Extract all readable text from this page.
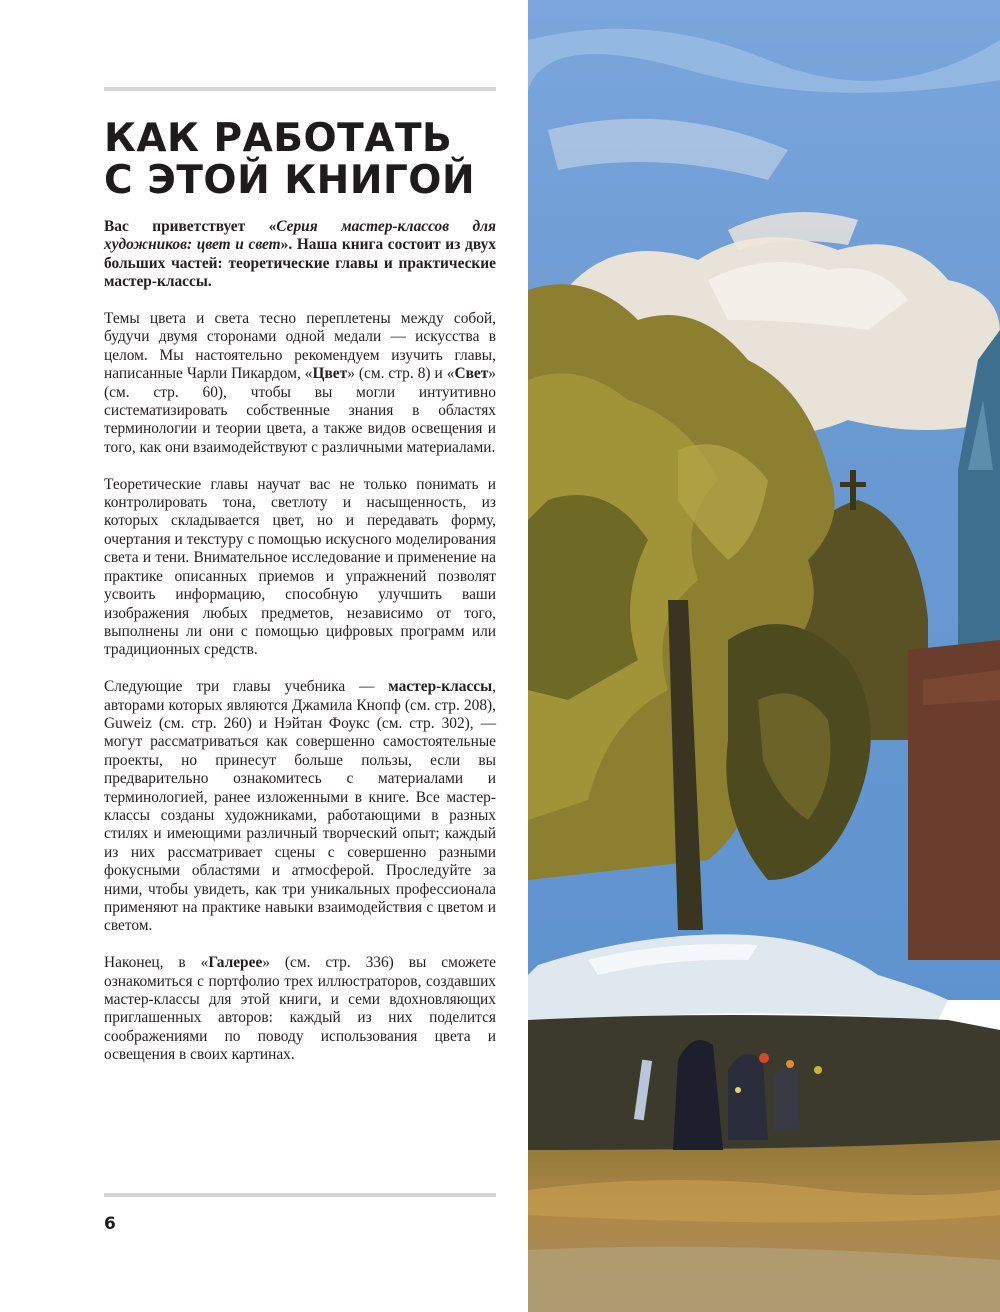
КАК РАБОТАТЬ
С ЭТОЙ КНИГОЙ

Вас приветствует «Серия мастер-классов для художников: цвет и свет». Наша книга состоит из двух больших частей: теоретические главы и практические мастер-классы.

Темы цвета и света тесно переплетены между собой, будучи двумя сторонами одной медали — искусства в целом. Мы настоятельно рекомендуем изучить главы, написанные Чарли Пикардом, «Цвет» (см. стр. 8) и «Свет» (см. стр. 60), чтобы вы могли интуитивно систематизировать собственные знания в областях терминологии и теории цвета, а также видов освещения и того, как они взаимодействуют с различными материалами.

Теоретические главы научат вас не только понимать и контролировать тона, светлоту и насыщенность, из которых складывается цвет, но и передавать форму, очертания и текстуру с помощью искусного моделирования света и тени. Внимательное исследование и применение на практике описанных приемов и упражнений позволят усвоить информацию, способную улучшить ваши изображения любых предметов, независимо от того, выполнены ли они с помощью цифровых программ или традиционных средств.

Следующие три главы учебника — мастер-классы, авторами которых являются Джамила Кнопф (см. стр. 208), Guweiz (см. стр. 260) и Нэйтан Фоукс (см. стр. 302), — могут рассматриваться как совершенно самостоятельные проекты, но принесут больше пользы, если вы предварительно ознакомитесь с материалами и терминологией, ранее изложенными в книге. Все мастер-классы созданы художниками, работающими в разных стилях и имеющими различный творческий опыт; каждый из них рассматривает сцены с совершенно разными фокусными областями и атмосферой. Проследуйте за ними, чтобы увидеть, как три уникальных профессионала применяют на практике навыки взаимодействия с цветом и светом.

Наконец, в «Галерее» (см. стр. 336) вы сможете ознакомиться с портфолио трех иллюстраторов, создавших мастер-классы для этой книги, и семи вдохновляющих приглашенных авторов: каждый из них поделится соображениями по поводу использования цвета и освещения в своих картинах.

6
